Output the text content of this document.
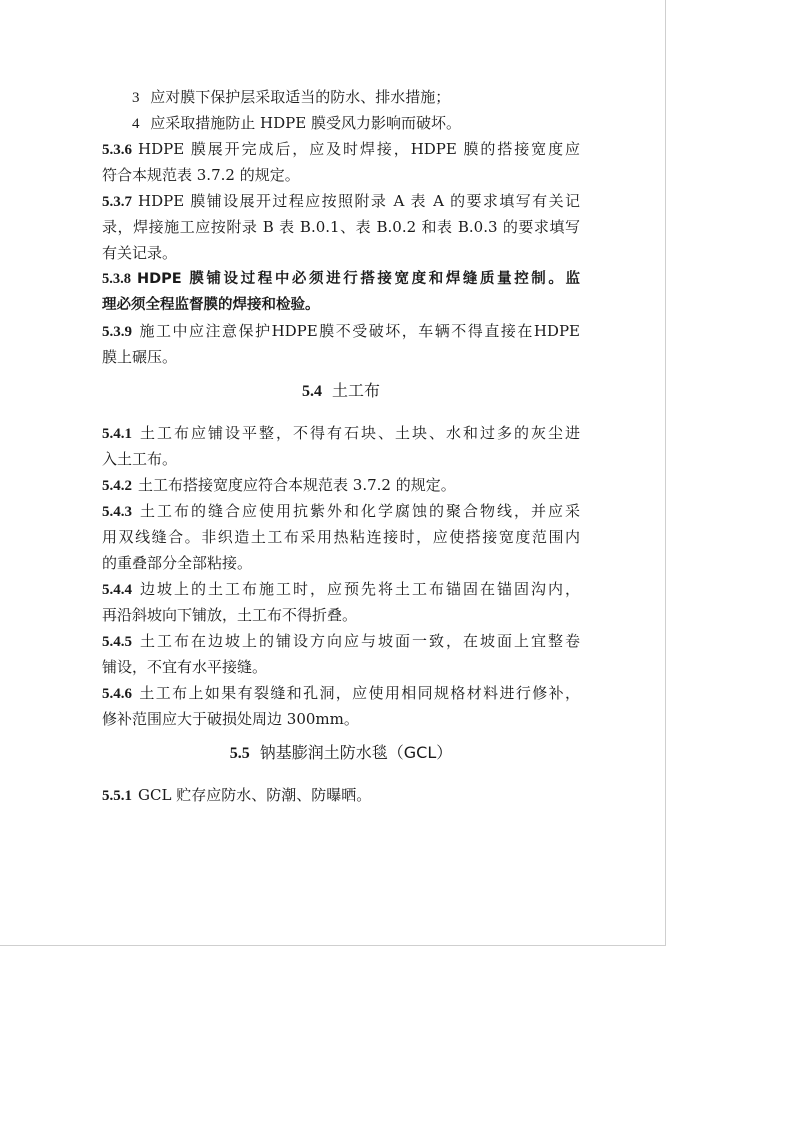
3 应对膜下保护层采取适当的防水、排水措施；
4 应采取措施防止 HDPE 膜受风力影响而破坏。
5.3.6 HDPE 膜展开完成后，应及时焊接，HDPE 膜的搭接宽度应
符合本规范表 3.7.2 的规定。
5.3.7 HDPE 膜铺设展开过程应按照附录 A 表 A 的要求填写有关记
录，焊接施工应按附录 B 表 B.0.1、表 B.0.2 和表 B.0.3 的要求填写
有关记录。
5.3.8 HDPE 膜铺设过程中必须进行搭接宽度和焊缝质量控制。监
理必须全程监督膜的焊接和检验。
5.3.9 施工中应注意保护HDPE膜不受破坏，车辆不得直接在HDPE
膜上碾压。
5.4 土工布
5.4.1 土工布应铺设平整，不得有石块、土块、水和过多的灰尘进
入土工布。
5.4.2 土工布搭接宽度应符合本规范表 3.7.2 的规定。
5.4.3 土工布的缝合应使用抗紫外和化学腐蚀的聚合物线，并应采
用双线缝合。非织造土工布采用热粘连接时，应使搭接宽度范围内
的重叠部分全部粘接。
5.4.4 边坡上的土工布施工时，应预先将土工布锚固在锚固沟内，
再沿斜坡向下铺放，土工布不得折叠。
5.4.5 土工布在边坡上的铺设方向应与坡面一致，在坡面上宜整卷
铺设，不宜有水平接缝。
5.4.6 土工布上如果有裂缝和孔洞，应使用相同规格材料进行修补，
修补范围应大于破损处周边 300mm。
5.5 钠基膨润土防水毯（GCL）
5.5.1 GCL 贮存应防水、防潮、防曝晒。
